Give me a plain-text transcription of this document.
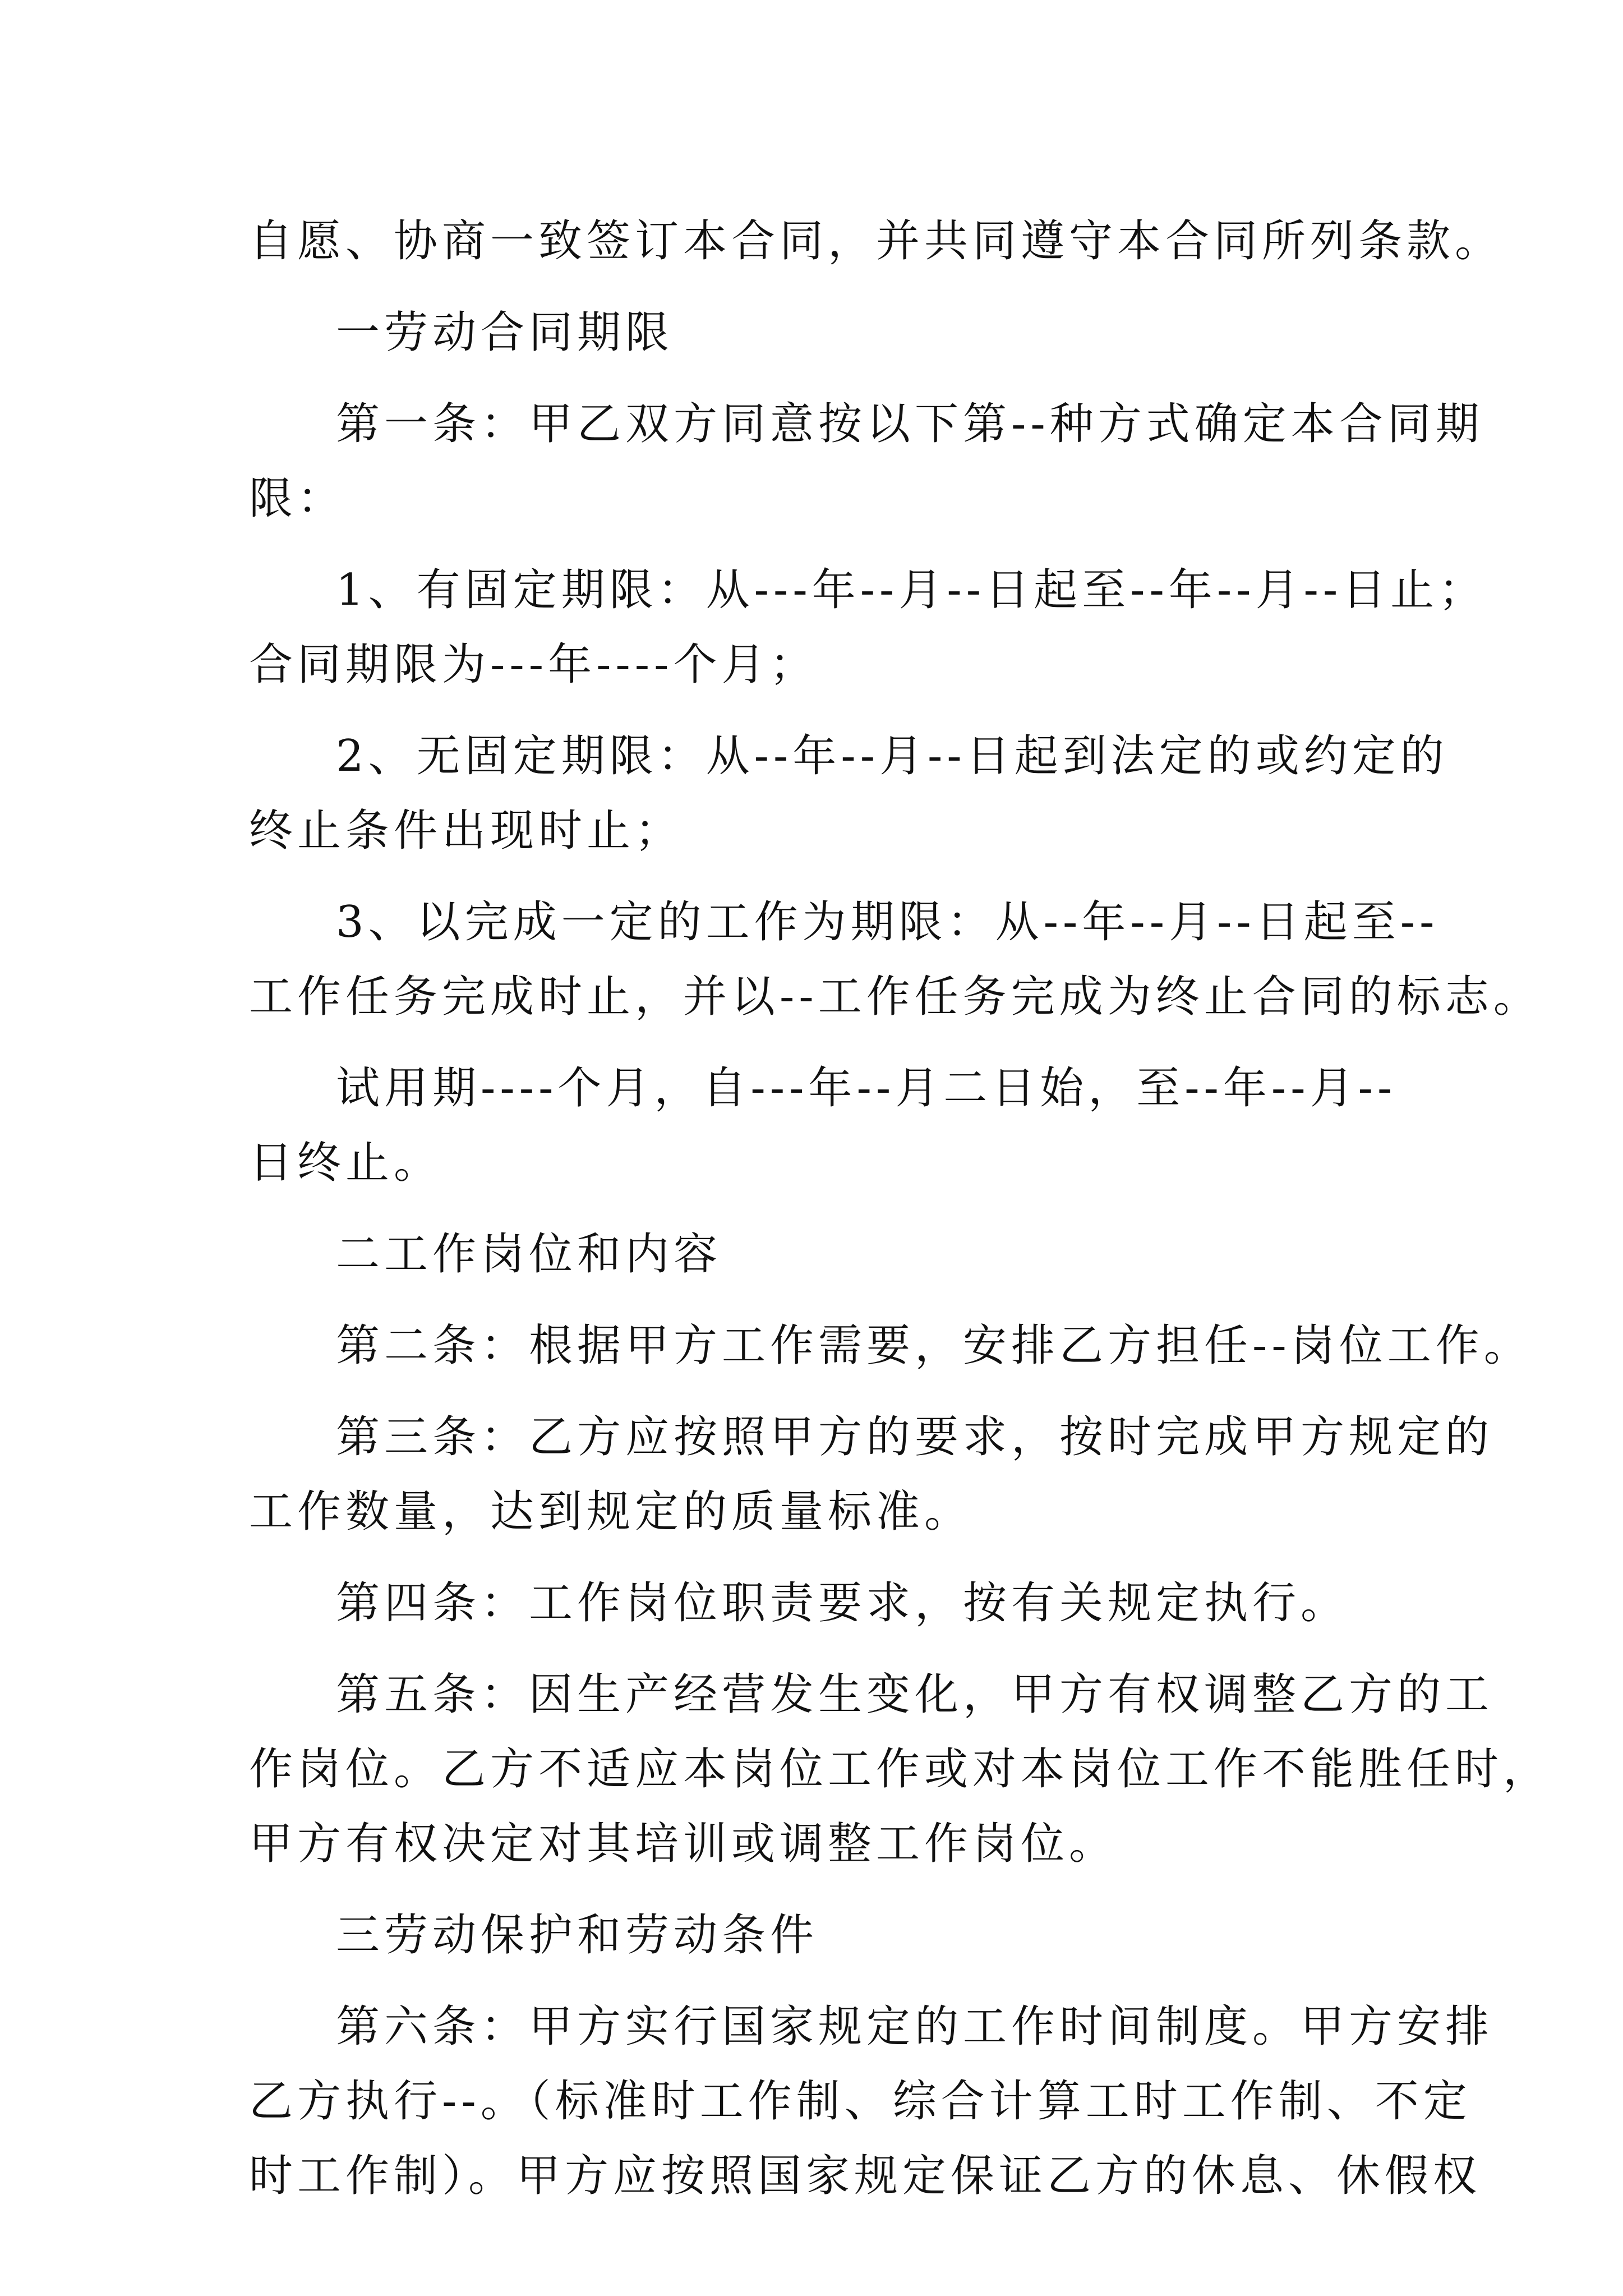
自愿、协商一致签订本合同，并共同遵守本合同所列条款。
一劳动合同期限
第一条：甲乙双方同意按以下第--种方式确定本合同期
限：
1、有固定期限：从---年--月--日起至--年--月--日止；
合同期限为---年----个月；
2、无固定期限：从--年--月--日起到法定的或约定的
终止条件出现时止；
3、以完成一定的工作为期限：从--年--月--日起至--
工作任务完成时止，并以--工作任务完成为终止合同的标志。
试用期----个月，自---年--月二日始，至--年--月--
日终止。
二工作岗位和内容
第二条：根据甲方工作需要，安排乙方担任--岗位工作。
第三条：乙方应按照甲方的要求，按时完成甲方规定的
工作数量，达到规定的质量标准。
第四条：工作岗位职责要求，按有关规定执行。
第五条：因生产经营发生变化，甲方有权调整乙方的工
作岗位。乙方不适应本岗位工作或对本岗位工作不能胜任时，
甲方有权决定对其培训或调整工作岗位。
三劳动保护和劳动条件
第六条：甲方实行国家规定的工作时间制度。甲方安排
乙方执行--。（标准时工作制、综合计算工时工作制、不定
时工作制）。甲方应按照国家规定保证乙方的休息、休假权
